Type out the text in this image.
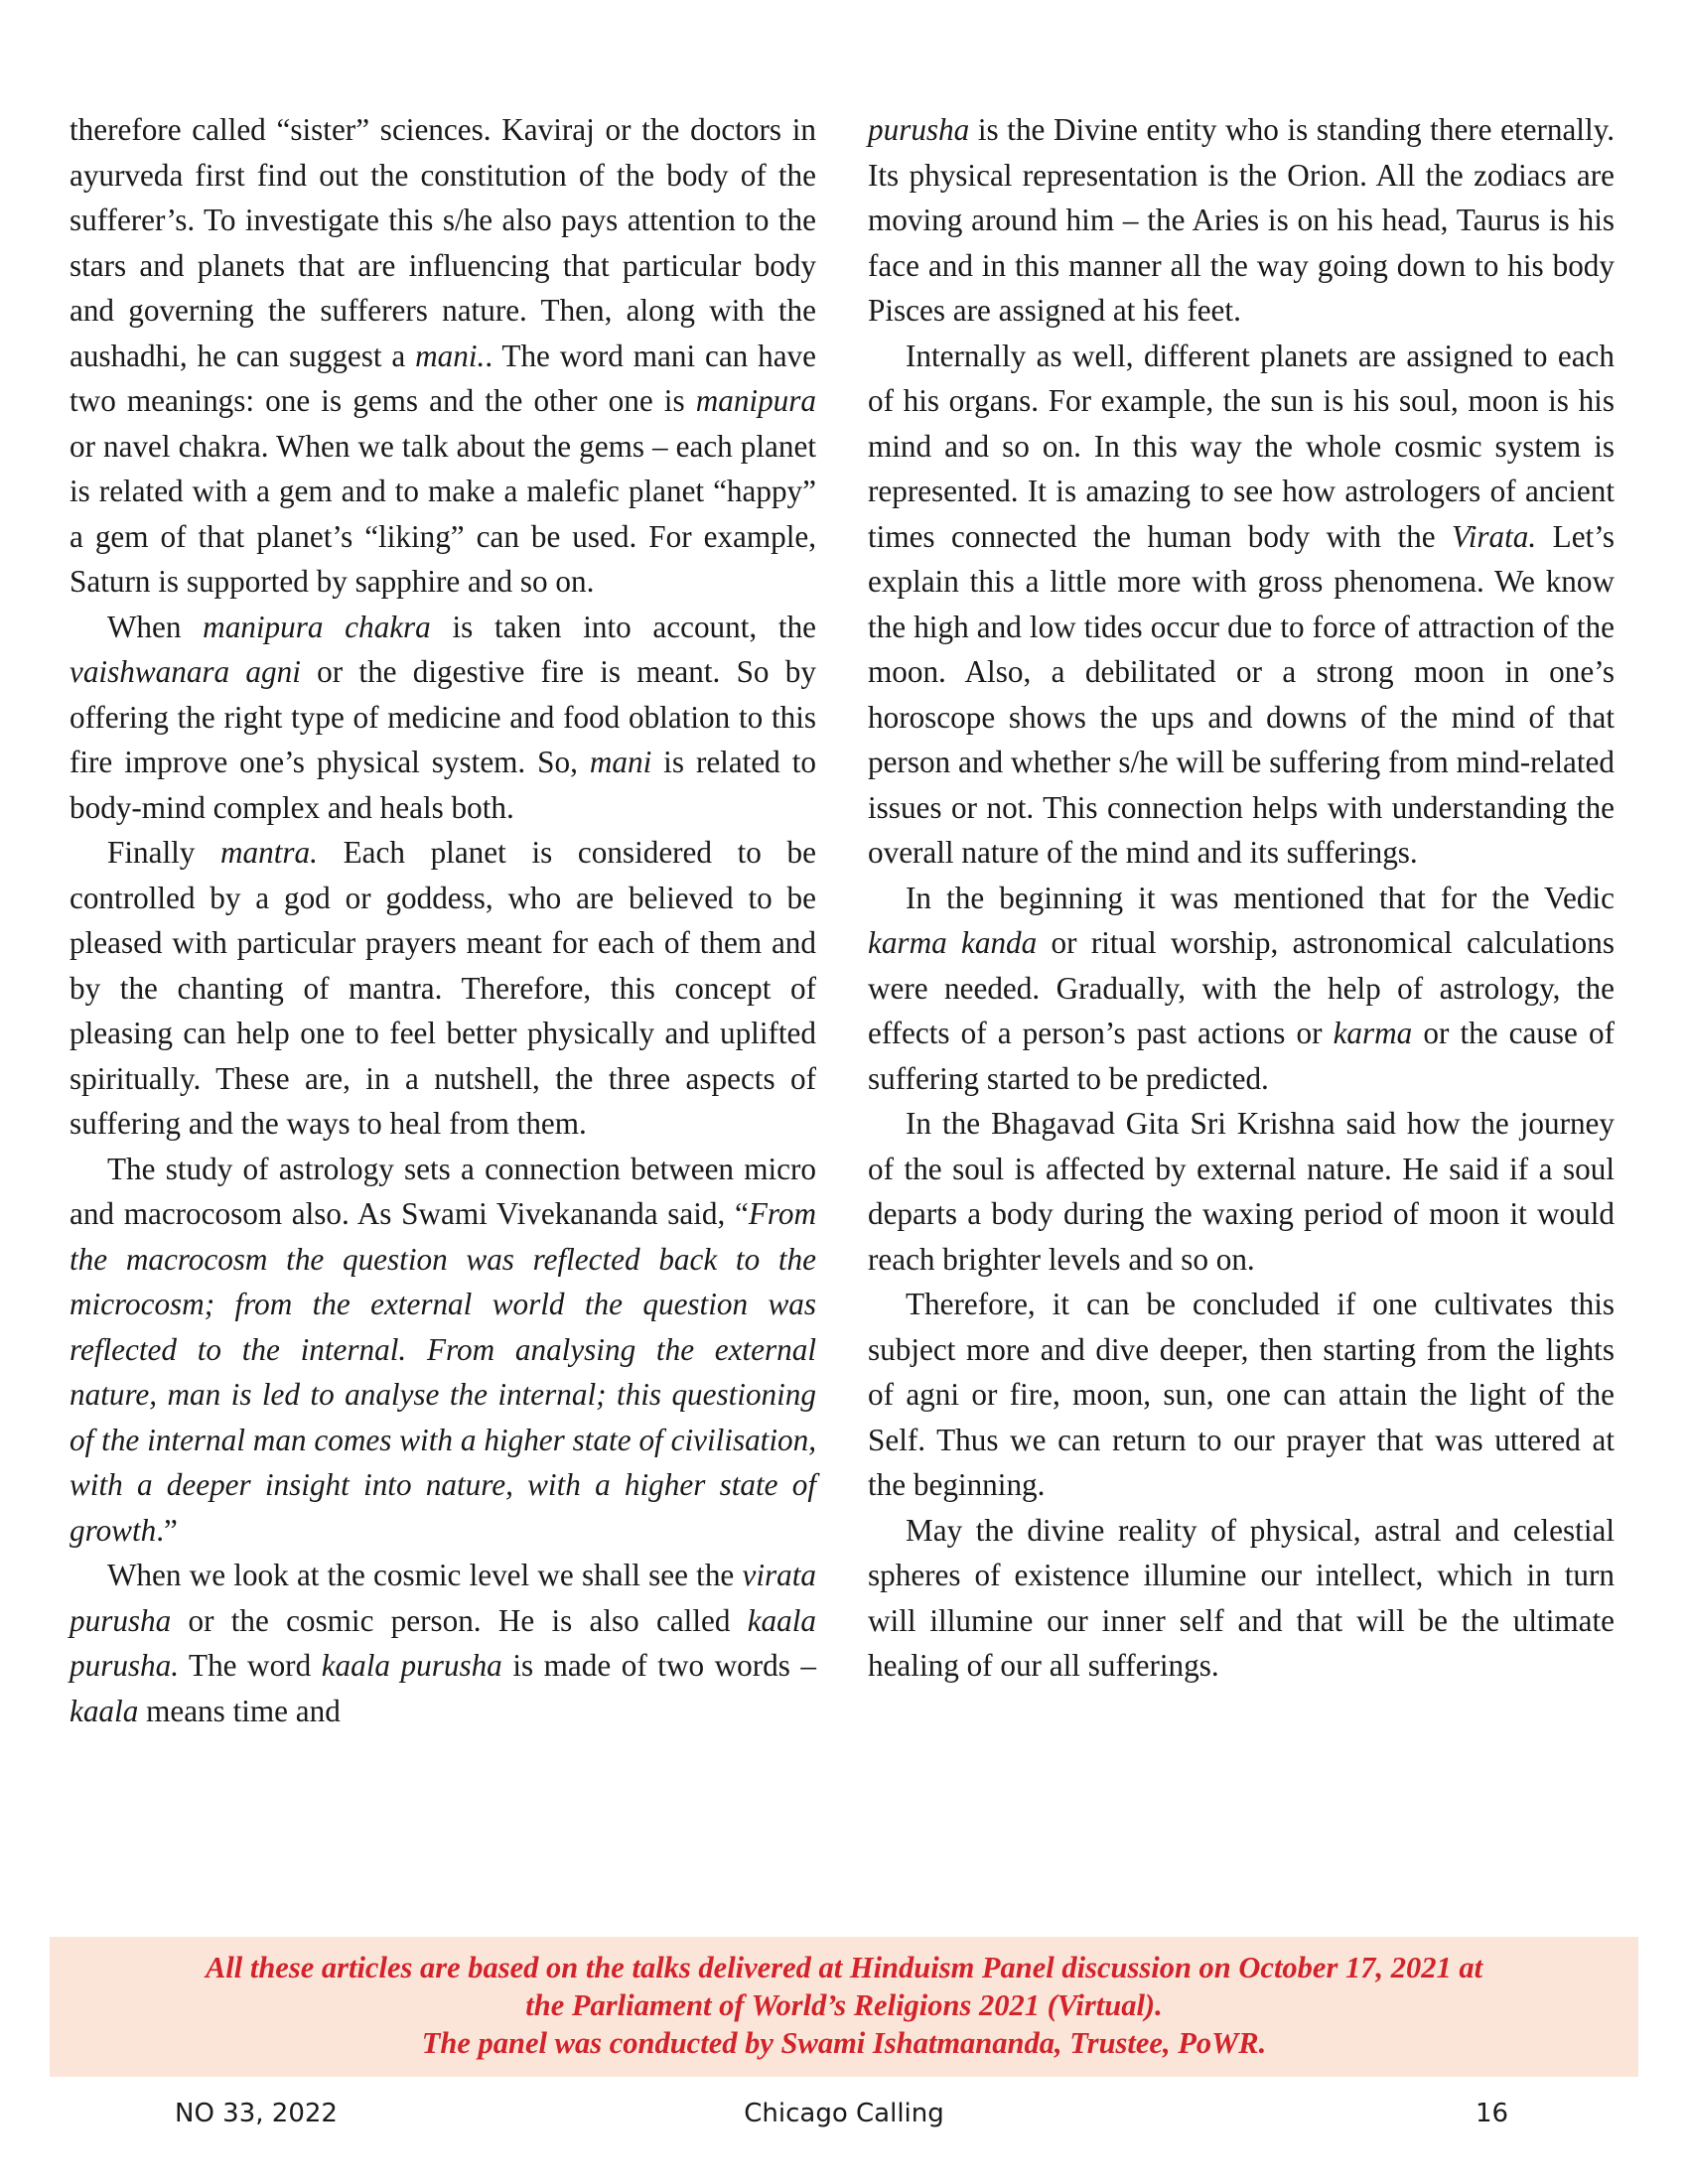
therefore called “sister” sciences. Kaviraj or the doctors in ayurveda first find out the constitution of the body of the sufferer’s. To investigate this s/he also pays attention to the stars and planets that are influencing that particular body and governing the sufferers nature. Then, along with the aushadhi, he can suggest a mani.. The word mani can have two meanings: one is gems and the other one is manipura or navel chakra. When we talk about the gems – each planet is related with a gem and to make a malefic planet “happy” a gem of that planet’s “liking” can be used. For example, Saturn is supported by sapphire and so on.

When manipura chakra is taken into account, the vaishwanara agni or the digestive fire is meant. So by offering the right type of medicine and food oblation to this fire improve one’s physical system. So, mani is related to body-mind complex and heals both.

Finally mantra. Each planet is considered to be controlled by a god or goddess, who are believed to be pleased with particular prayers meant for each of them and by the chanting of mantra. Therefore, this concept of pleasing can help one to feel better physically and uplifted spiritually. These are, in a nutshell, the three aspects of suffering and the ways to heal from them.

The study of astrology sets a connection between micro and macrocosom also. As Swami Vivekananda said, “From the macrocosm the question was reflected back to the microcosm; from the external world the question was reflected to the internal. From analysing the external nature, man is led to analyse the internal; this questioning of the internal man comes with a higher state of civilisation, with a deeper insight into nature, with a higher state of growth.”

When we look at the cosmic level we shall see the virata purusha or the cosmic person. He is also called kaala purusha. The word kaala purusha is made of two words – kaala means time and

purusha is the Divine entity who is standing there eternally. Its physical representation is the Orion. All the zodiacs are moving around him – the Aries is on his head, Taurus is his face and in this manner all the way going down to his body Pisces are assigned at his feet.

Internally as well, different planets are assigned to each of his organs. For example, the sun is his soul, moon is his mind and so on. In this way the whole cosmic system is represented. It is amazing to see how astrologers of ancient times connected the human body with the Virata. Let’s explain this a little more with gross phenomena. We know the high and low tides occur due to force of attraction of the moon. Also, a debilitated or a strong moon in one’s horoscope shows the ups and downs of the mind of that person and whether s/he will be suffering from mind-related issues or not. This connection helps with understanding the overall nature of the mind and its sufferings.

In the beginning it was mentioned that for the Vedic karma kanda or ritual worship, astronomical calculations were needed. Gradually, with the help of astrology, the effects of a person’s past actions or karma or the cause of suffering started to be predicted.

In the Bhagavad Gita Sri Krishna said how the journey of the soul is affected by external nature. He said if a soul departs a body during the waxing period of moon it would reach brighter levels and so on.

Therefore, it can be concluded if one cultivates this subject more and dive deeper, then starting from the lights of agni or fire, moon, sun, one can attain the light of the Self. Thus we can return to our prayer that was uttered at the beginning.

May the divine reality of physical, astral and celestial spheres of existence illumine our intellect, which in turn will illumine our inner self and that will be the ultimate healing of our all sufferings.

All these articles are based on the talks delivered at Hinduism Panel discussion on October 17, 2021 at
the Parliament of World’s Religions 2021 (Virtual).
The panel was conducted by Swami Ishatmananda, Trustee, PoWR.
NO 33, 2022	Chicago Calling	16
